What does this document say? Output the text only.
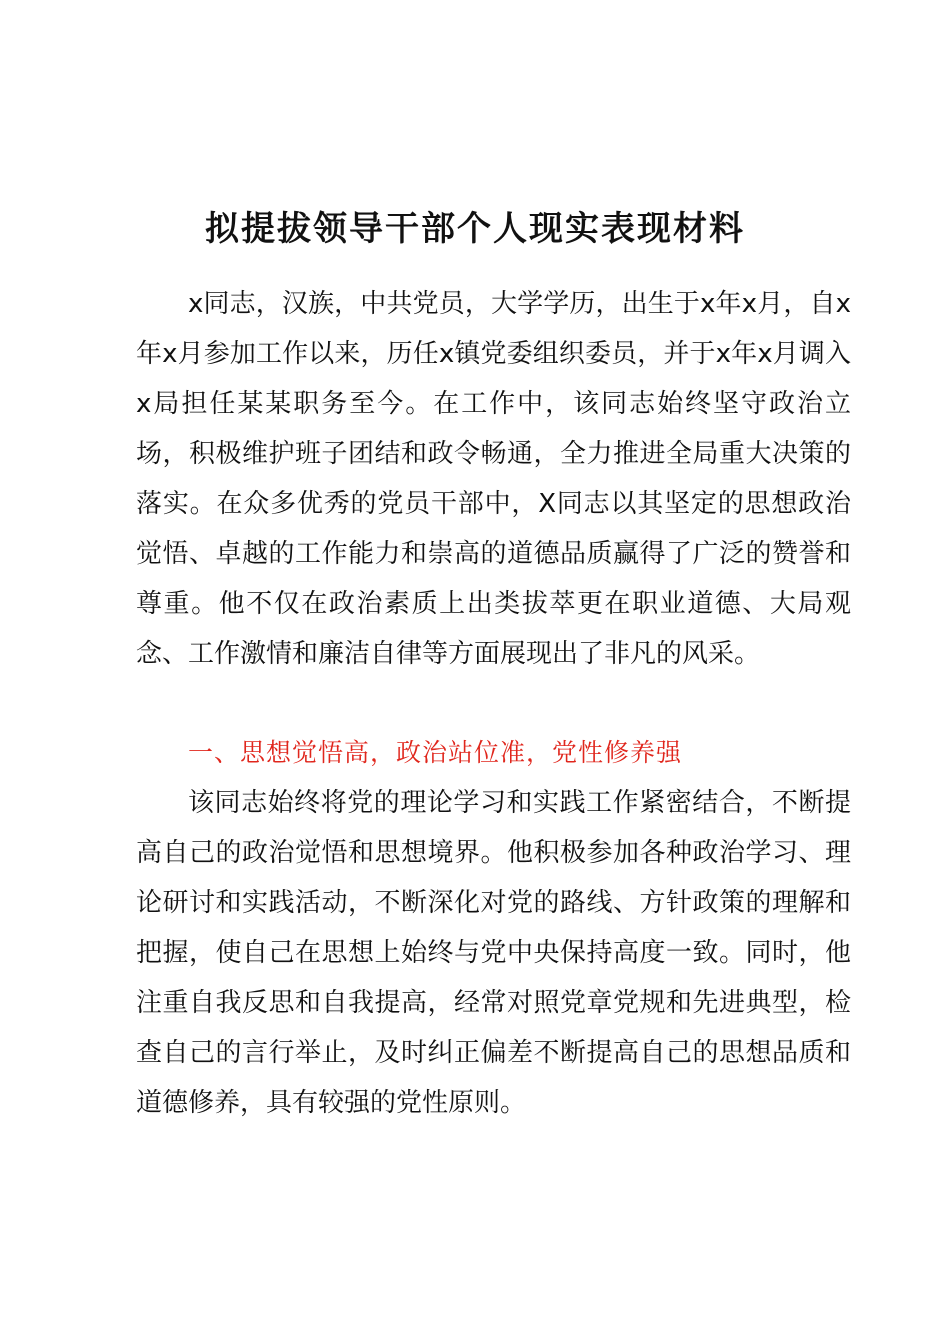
拟提拔领导干部个人现实表现材料

x同志，汉族，中共党员，大学学历，出生于x年x月，自x年x月参加工作以来，历任x镇党委组织委员，并于x年x月调入x局担任某某职务至今。在工作中，该同志始终坚守政治立场，积极维护班子团结和政令畅通，全力推进全局重大决策的落实。在众多优秀的党员干部中，X同志以其坚定的思想政治觉悟、卓越的工作能力和崇高的道德品质赢得了广泛的赞誉和尊重。他不仅在政治素质上出类拔萃更在职业道德、大局观念、工作激情和廉洁自律等方面展现出了非凡的风采。

一、思想觉悟高，政治站位准，党性修养强

该同志始终将党的理论学习和实践工作紧密结合，不断提高自己的政治觉悟和思想境界。他积极参加各种政治学习、理论研讨和实践活动，不断深化对党的路线、方针政策的理解和把握，使自己在思想上始终与党中央保持高度一致。同时，他注重自我反思和自我提高，经常对照党章党规和先进典型，检查自己的言行举止，及时纠正偏差不断提高自己的思想品质和道德修养，具有较强的党性原则。
